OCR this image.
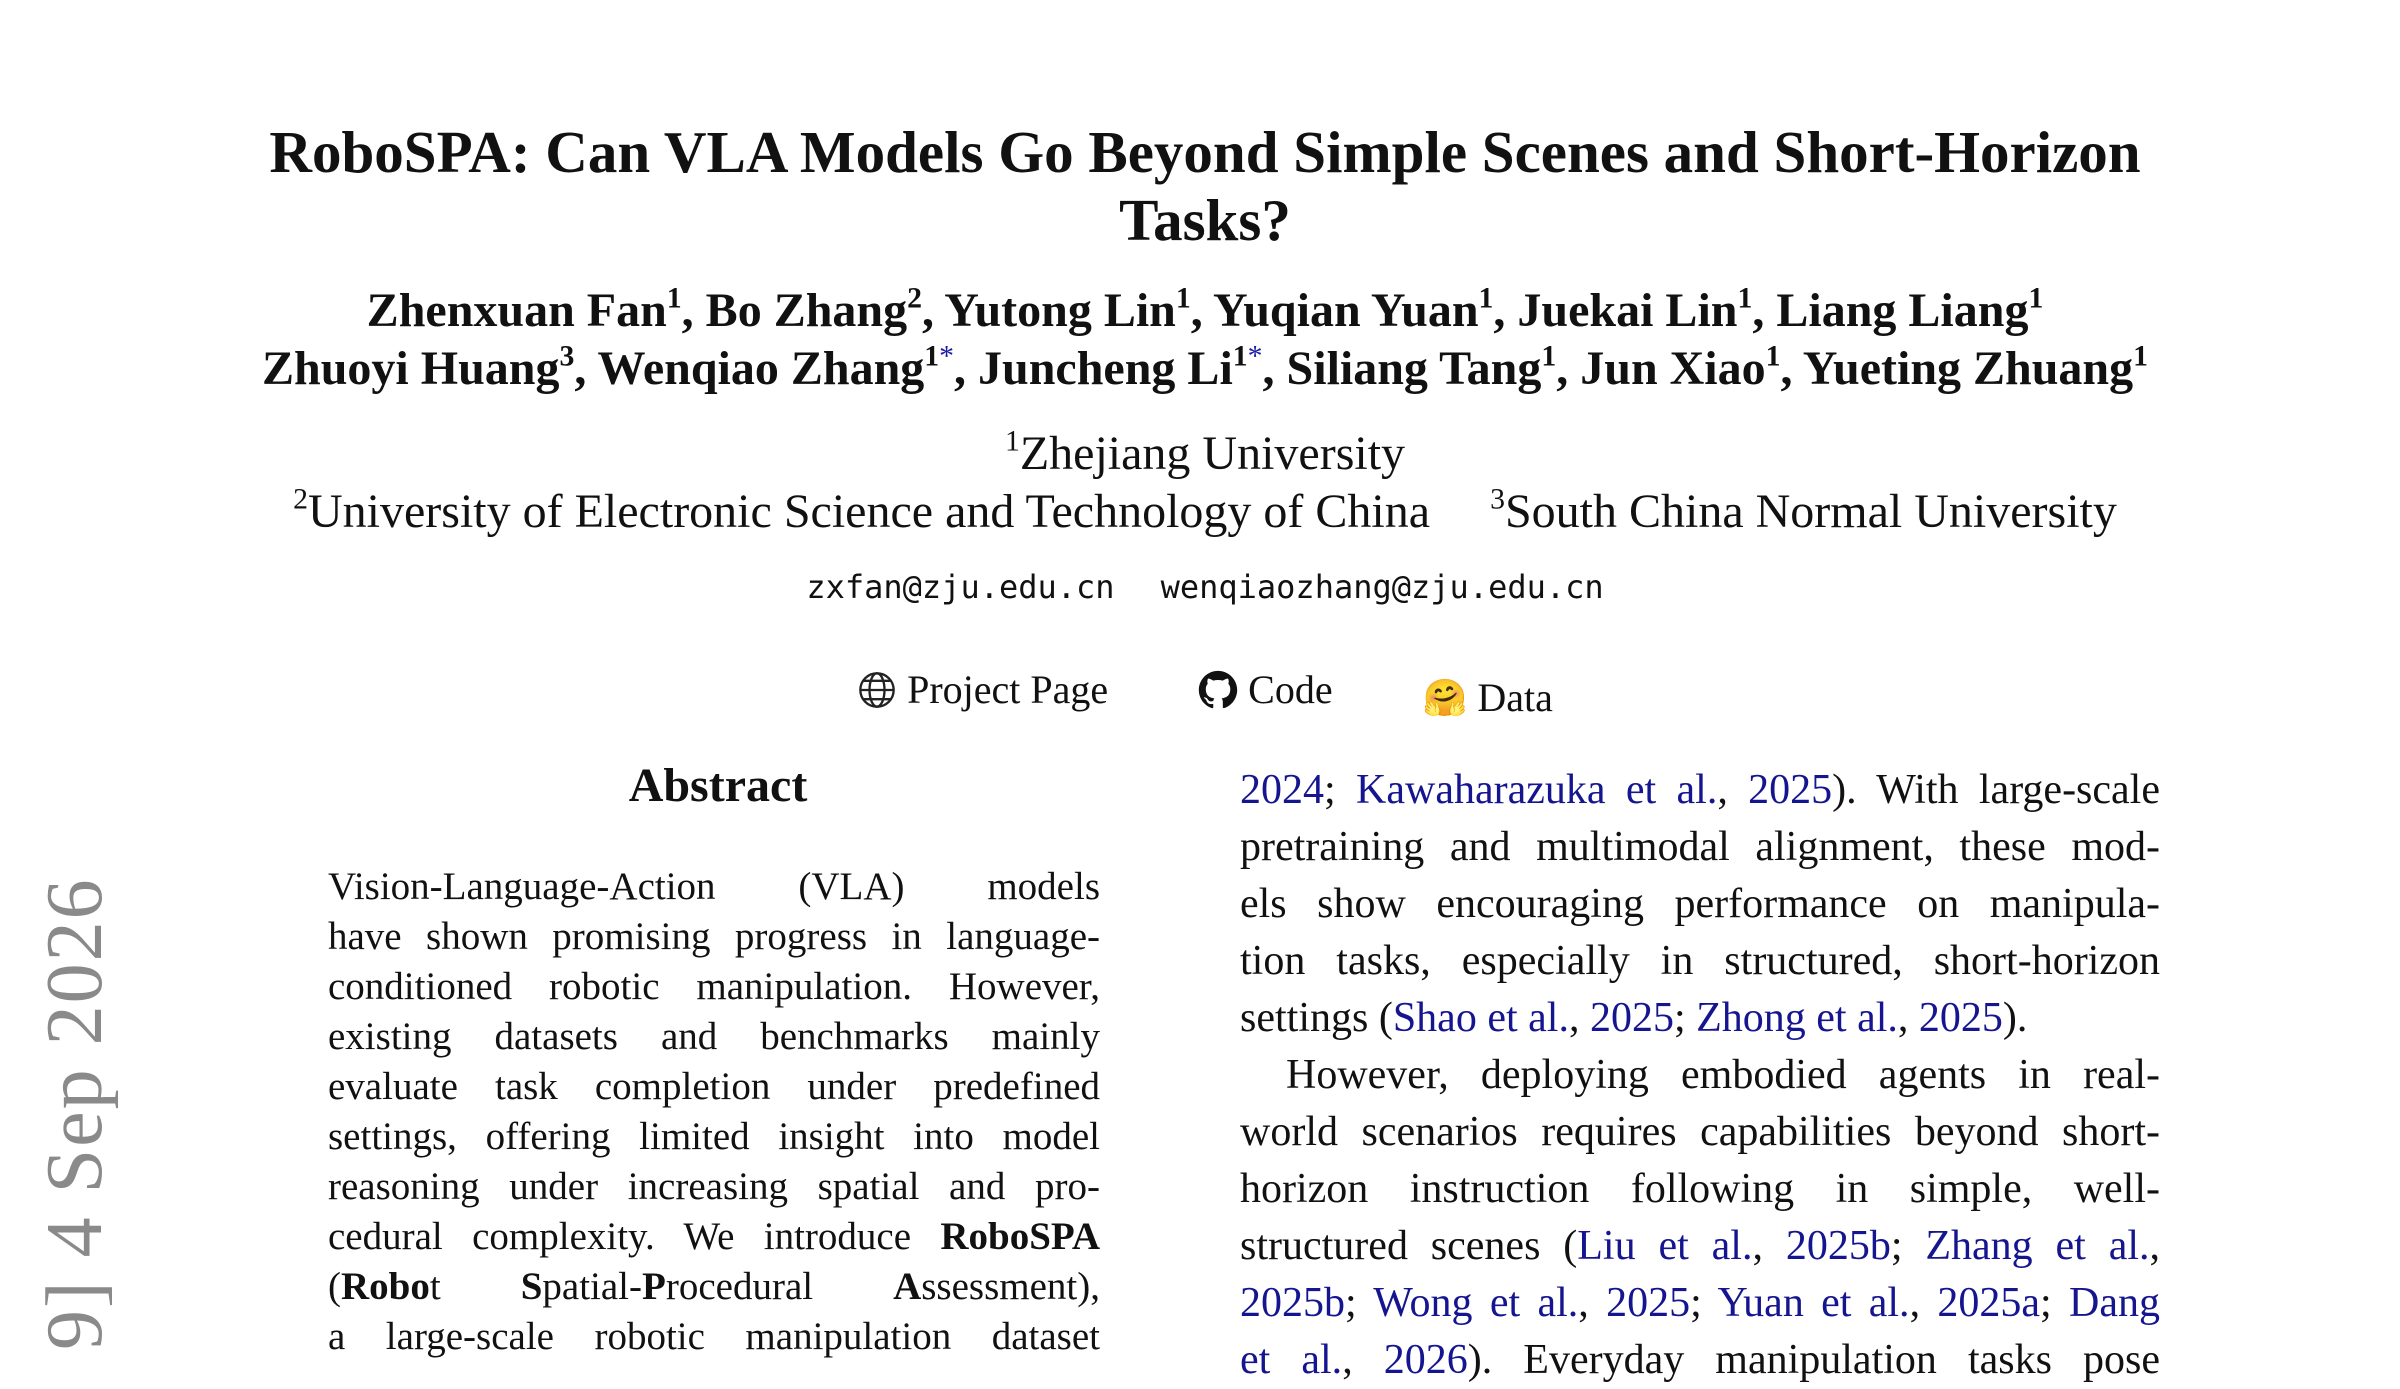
RoboSPA: Can VLA Models Go Beyond Simple Scenes and Short-Horizon
Tasks?
Zhenxuan Fan$^1$, Bo Zhang$^2$, Yutong Lin$^1$, Yuqian Yuan$^1$, Juekai Lin$^1$, Liang Liang$^1$
Zhuoyi Huang$^3$, Wenqiao Zhang$^{1*}$, Juncheng $Li^{1*}$, Siliang Tang$^1$, Jun Xiao$^1$, Yueting Zhuang$^1$
$^1$Zhejiang University
$^2$University of Electronic Science and Technology of China $^3$South China Normal University
zxfan@zju.edu.cn wenqiaozhang@zju.edu.cn
Project Page
	Code
	🤗 Data
Abstract
Vision-Language-Action (VLA) models
have shown promising progress in language-
conditioned robotic manipulation. However,
existing datasets and benchmarks mainly
evaluate task completion under predefined
settings, offering limited insight into model
reasoning under increasing spatial and pro-
cedural complexity. We introduce RoboSPA
(Robot Spatial-Procedural Assessment),
a large-scale robotic manipulation dataset
2024; Kawaharazuka et al., 2025). With large-scale
pretraining and multimodal alignment, these mod-
els show encouraging performance on manipula-
tion tasks, especially in structured, short-horizon
settings (Shao et al., 2025; Zhong et al., 2025).
However, deploying embodied agents in real-
world scenarios requires capabilities beyond short-
horizon instruction following in simple, well-
structured scenes (Liu et al., 2025b; Zhang et al.,
2025b; Wong et al., 2025; Yuan et al., 2025a; Dang
et al., 2026). Everyday manipulation tasks pose
9] 4 Sep 2026
